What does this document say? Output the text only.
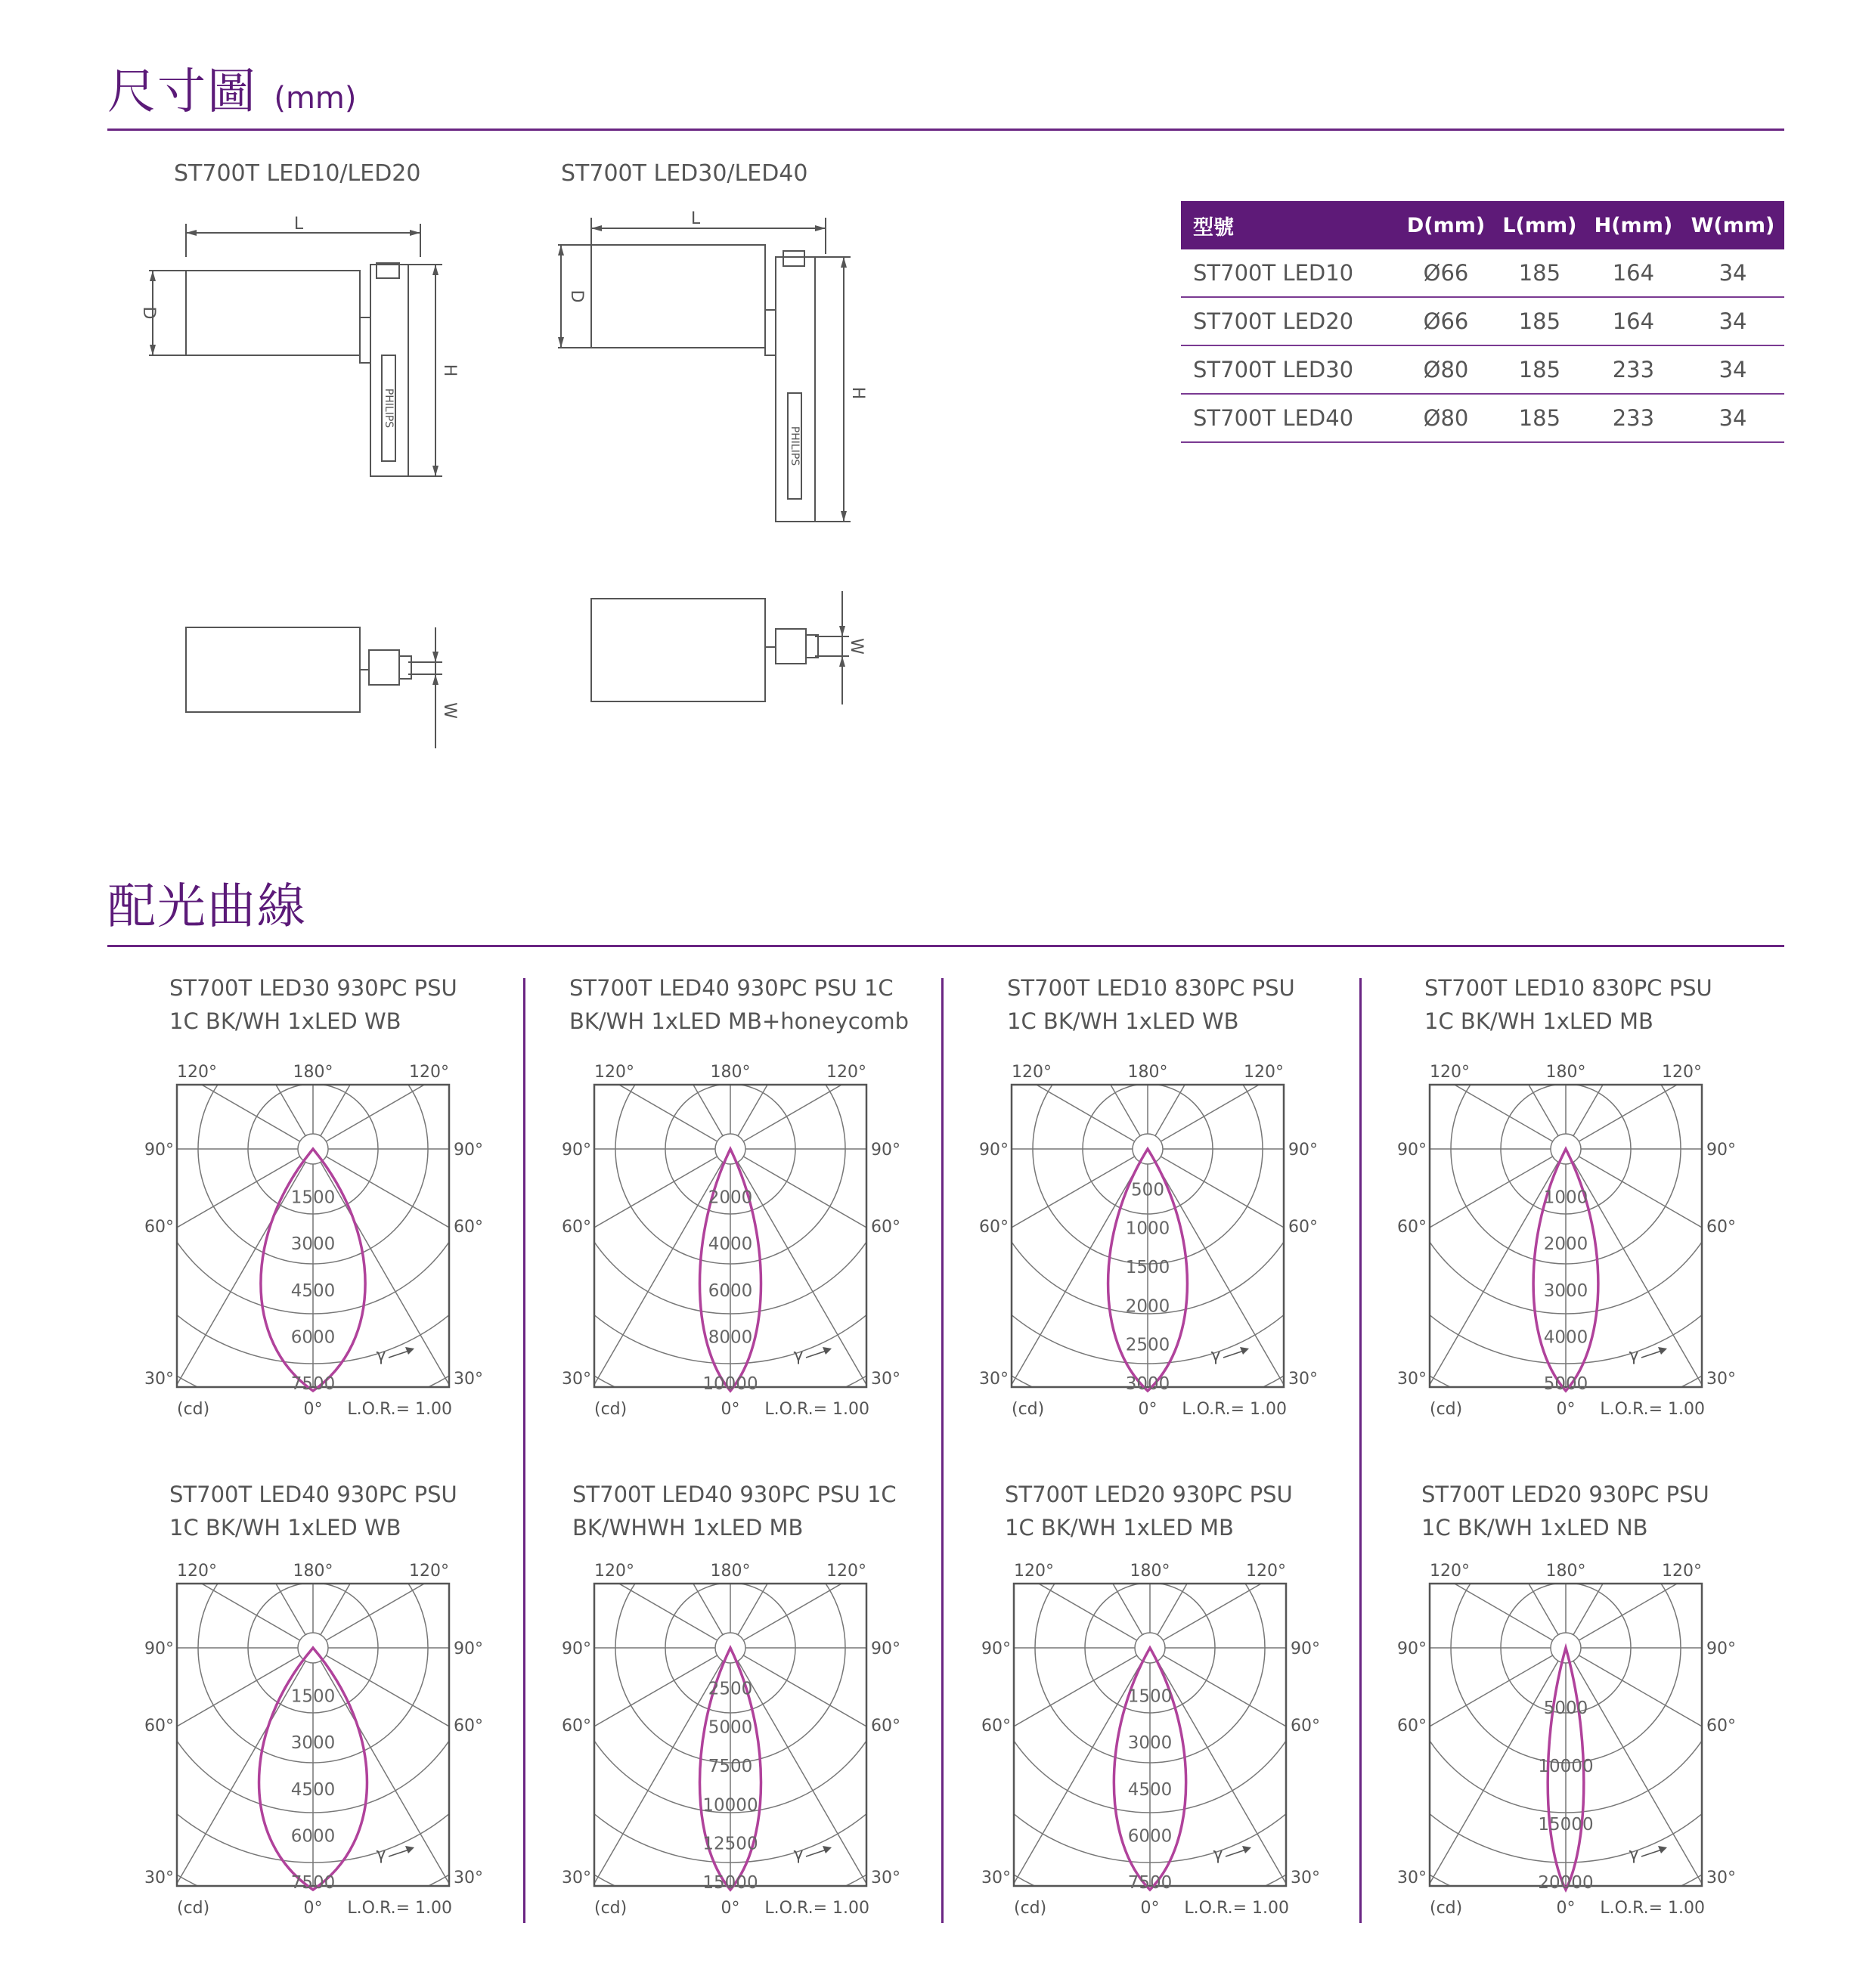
尺寸圖 (mm)
ST700T LED10/LED20	ST700T LED30/LED40
L
D
H
PHILIPS
L
D
H
PHILIPS
W
W
型號	D(mm)	L(mm)	H(mm)	W(mm)
ST700T LED10	Ø66	185	164	34
ST700T LED20	Ø66	185	164	34
ST700T LED30	Ø80	185	233	34
ST700T LED40	Ø80	185	233	34
配光曲線
ST700T LED30 930PC PSU
1C BK/WH 1xLED WB
ST700T LED40 930PC PSU 1C
BK/WH 1xLED MB+honeycomb
ST700T LED10 830PC PSU
1C BK/WH 1xLED WB
ST700T LED10 830PC PSU
1C BK/WH 1xLED MB
ST700T LED40 930PC PSU
1C BK/WH 1xLED WB
ST700T LED40 930PC PSU 1C
BK/WHWH 1xLED MB
ST700T LED20 930PC PSU
1C BK/WH 1xLED MB
ST700T LED20 930PC PSU
1C BK/WH 1xLED NB
1500
3000
4500
6000
7500
120°	180°	120°
90°	90°
60°	60°
30°	30°
(cd)	0° L.O.R.= 1.00
γ
2000
4000
6000
8000
10000
120°	180°	120°
90°	90°
60°	60°
30°	30°
(cd)	0° L.O.R.= 1.00
γ
500
1000
1500
2000
2500
3000
120°	180°	120°
90°	90°
60°	60°
30°	30°
(cd)	0° L.O.R.= 1.00
γ
1000
2000
3000
4000
5000
120°	180°	120°
90°	90°
60°	60°
30°	30°
(cd)	0° L.O.R.= 1.00
γ
1500
3000
4500
6000
7500
120°	180°	120°
90°	90°
60°	60°
30°	30°
(cd)	0° L.O.R.= 1.00
γ
2500
5000
7500
10000
12500
15000
120°	180°	120°
90°	90°
60°	60°
30°	30°
(cd)	0° L.O.R.= 1.00
γ
1500
3000
4500
6000
7500
120°	180°	120°
90°	90°
60°	60°
30°	30°
(cd)	0° L.O.R.= 1.00
γ
5000
10000
15000
20000
120°	180°	120°
90°	90°
60°	60°
30°	30°
(cd)	0° L.O.R.= 1.00
γ
